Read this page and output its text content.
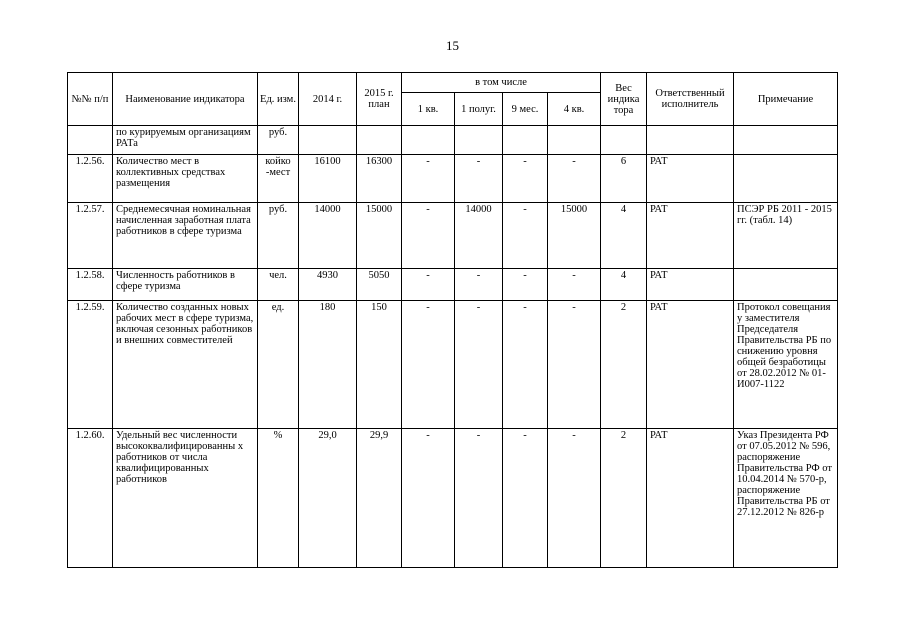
15
№№ п/п	Наименование индикатора	Ед. изм.	2014 г.	2015 г. план	в том числе				Вес индика тора	Ответственный исполнитель	Примечание
					1 кв.	1 полуг.	9 мес.	4 кв.			
	по курируемым организациям РАТа	руб.									
1.2.56.	Количество мест в коллективных средствах размещения	койко -мест	16100	16300	-	-	-	-	6	РАТ	
1.2.57.	Среднемесячная номинальная начисленная заработная плата работников в сфере туризма	руб.	14000	15000	-	14000	-	15000	4	РАТ	ПСЭР РБ 2011 - 2015 гг. (табл. 14)
1.2.58.	Численность работников в сфере туризма	чел.	4930	5050	-	-	-	-	4	РАТ	
1.2.59.	Количество созданных новых рабочих мест в сфере туризма, включая сезонных работников и внешних совместителей	ед.	180	150	-	-	-	-	2	РАТ	Протокол совещания у заместителя Председателя Правительства РБ по снижению уровня общей безработицы от 28.02.2012 № 01-И007-1122
1.2.60.	Удельный вес численности высококвалифицированны х работников от числа квалифицированных работников	%	29,0	29,9	-	-	-	-	2	РАТ	Указ Президента РФ от 07.05.2012 № 596, распоряжение Правительства РФ от 10.04.2014 № 570-р, распоряжение Правительства РБ от 27.12.2012 № 826-р
